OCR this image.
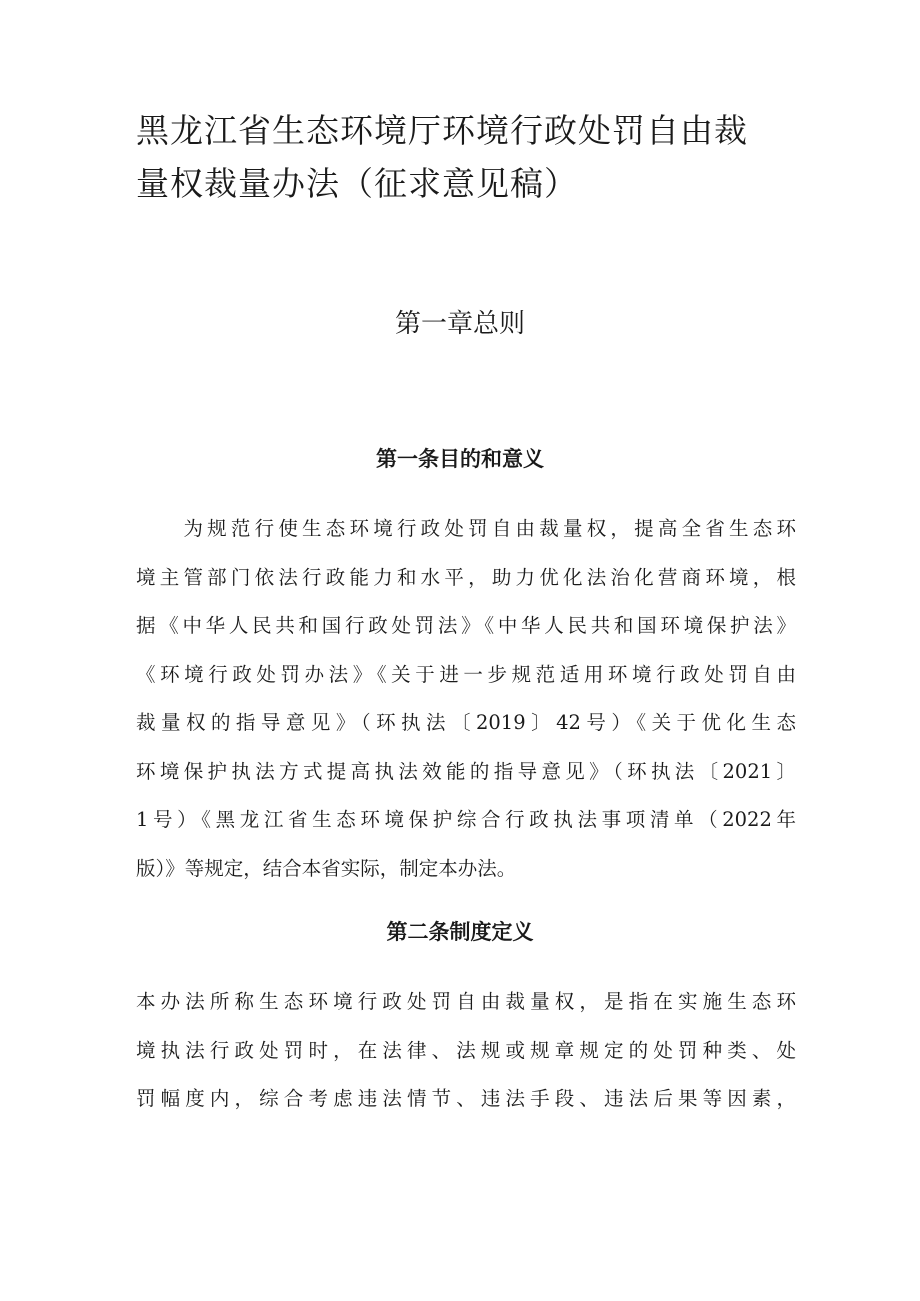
黑龙江省生态环境厅环境行政处罚自由裁
量权裁量办法（征求意见稿）
第一章总则
第一条目的和意义
　　为规范行使生态环境行政处罚自由裁量权，提高全省生态环
境主管部门依法行政能力和水平，助力优化法治化营商环境，根
据《中华人民共和国行政处罚法》《中华人民共和国环境保护法》
《环境行政处罚办法》《关于进一步规范适用环境行政处罚自由
裁量权的指导意见》（环执法〔2019〕42号）《关于优化生态
环境保护执法方式提高执法效能的指导意见》（环执法〔2021〕
1号）《黑龙江省生态环境保护综合行政执法事项清单（2022年
版）》等规定，结合本省实际，制定本办法。
第二条制度定义
本办法所称生态环境行政处罚自由裁量权，是指在实施生态环
境执法行政处罚时，在法律、法规或规章规定的处罚种类、处
罚幅度内，综合考虑违法情节、违法手段、违法后果等因素，
